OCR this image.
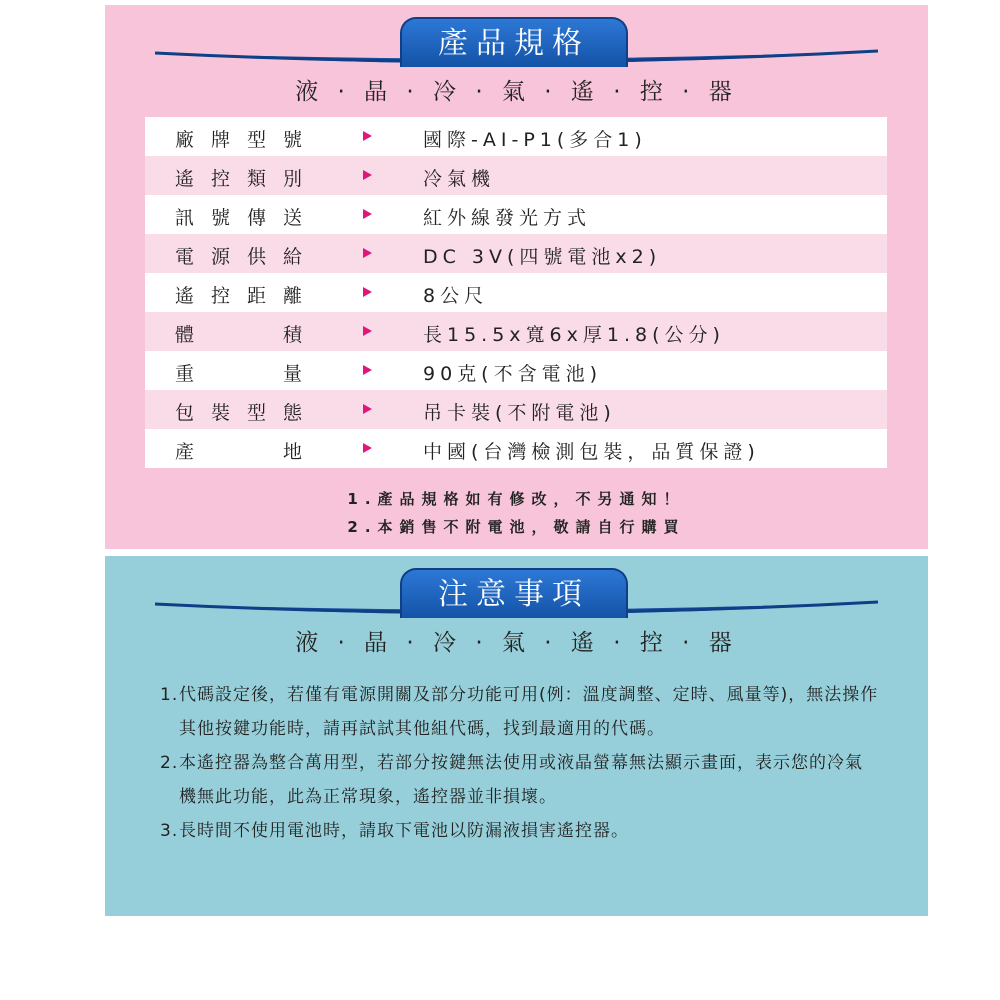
產品規格
液 · 晶 · 冷 · 氣 · 遙 · 控 · 器
廠牌型號	國際-AI-P1(多合1)
遙控類別	冷氣機
訊號傳送	紅外線發光方式
電源供給	DC 3V(四號電池x2)
遙控距離	8公尺
體積	長15.5x寬6x厚1.8(公分)
重量	90克(不含電池)
包裝型態	吊卡裝(不附電池)
產地	中國(台灣檢測包裝，品質保證)
1.產品規格如有修改，不另通知！
2.本銷售不附電池，敬請自行購買
注意事項
液 · 晶 · 冷 · 氣 · 遙 · 控 · 器
1. 代碼設定後，若僅有電源開關及部分功能可用(例：溫度調整、定時、風量等)，無法操作其他按鍵功能時，請再試試其他組代碼，找到最適用的代碼。
2. 本遙控器為整合萬用型，若部分按鍵無法使用或液晶螢幕無法顯示畫面，表示您的冷氣機無此功能，此為正常現象，遙控器並非損壞。
3. 長時間不使用電池時，請取下電池以防漏液損害遙控器。
